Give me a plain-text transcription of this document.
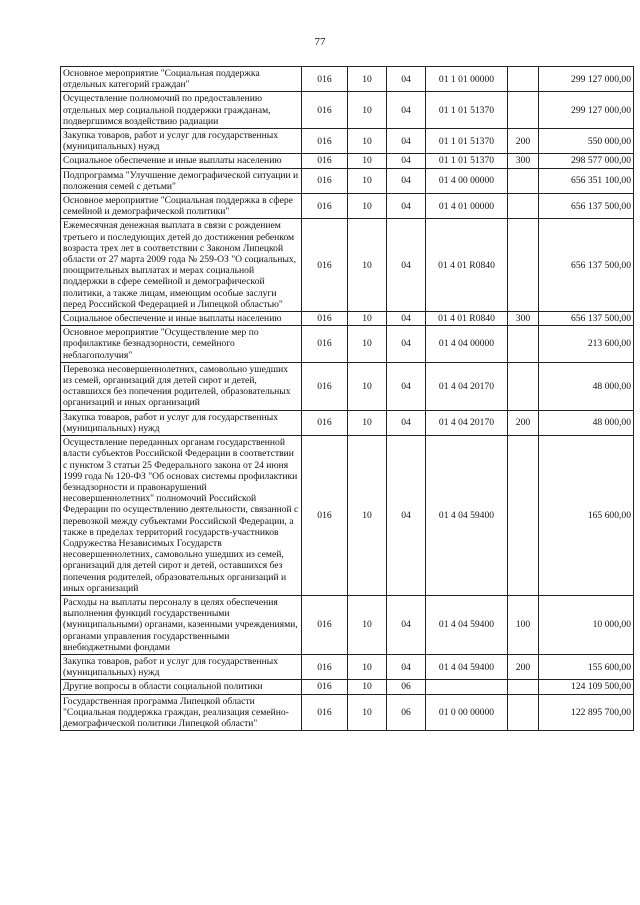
77
Основное мероприятие "Социальная поддержка отдельных категорий граждан"	016	10	04	01 1 01 00000		299 127 000,00
Осуществление полномочий по предоставлению отдельных мер социальной поддержки гражданам, подвергшимся воздействию радиации	016	10	04	01 1 01 51370		299 127 000,00
Закупка товаров, работ и услуг для государственных (муниципальных) нужд	016	10	04	01 1 01 51370	200	550 000,00
Социальное обеспечение и иные выплаты населению	016	10	04	01 1 01 51370	300	298 577 000,00
Подпрограмма "Улучшение демографической ситуации и положения семей с детьми"	016	10	04	01 4 00 00000		656 351 100,00
Основное мероприятие "Социальная поддержка в сфере семейной и демографической политики"	016	10	04	01 4 01 00000		656 137 500,00
Ежемесячная денежная выплата в связи с рождением третьего и последующих детей до достижения ребенком возраста трех лет в соответствии с Законом Липецкой области от 27 марта 2009 года № 259-ОЗ "О социальных, поощрительных выплатах и мерах социальной поддержки в сфере семейной и демографической политики, а также лицам, имеющим особые заслуги перед Российской Федерацией и Липецкой областью"	016	10	04	01 4 01 R0840		656 137 500,00
Социальное обеспечение и иные выплаты населению	016	10	04	01 4 01 R0840	300	656 137 500,00
Основное мероприятие "Осуществление мер по профилактике безнадзорности, семейного неблагополучия"	016	10	04	01 4 04 00000		213 600,00
Перевозка несовершеннолетних, самовольно ушедших из семей, организаций для детей сирот и детей, оставшихся без попечения родителей, образовательных организаций и иных организаций	016	10	04	01 4 04 20170		48 000,00
Закупка товаров, работ и услуг для государственных (муниципальных) нужд	016	10	04	01 4 04 20170	200	48 000,00
Осуществление переданных органам государственной власти субъектов Российской Федерации в соответствии с пунктом 3 статьи 25 Федерального закона от 24 июня 1999 года № 120-ФЗ "Об основах системы профилактики безнадзорности и правонарушений несовершеннолетних" полномочий Российской Федерации по осуществлению деятельности, связанной с перевозкой между субъектами Российской Федерации, а также в пределах территорий государств-участников Содружества Независимых Государств несовершеннолетних, самовольно ушедших из семей, организаций для детей сирот и детей, оставшихся без попечения родителей, образовательных организаций и иных организаций	016	10	04	01 4 04 59400		165 600,00
Расходы на выплаты персоналу в целях обеспечения выполнения функций государственными (муниципальными) органами, казенными учреждениями, органами управления государственными внебюджетными фондами	016	10	04	01 4 04 59400	100	10 000,00
Закупка товаров, работ и услуг для государственных (муниципальных) нужд	016	10	04	01 4 04 59400	200	155 600,00
Другие вопросы в области социальной политики	016	10	06			124 109 500,00
Государственная программа Липецкой области "Социальная поддержка граждан, реализация семейно-демографической политики Липецкой области"	016	10	06	01 0 00 00000		122 895 700,00
